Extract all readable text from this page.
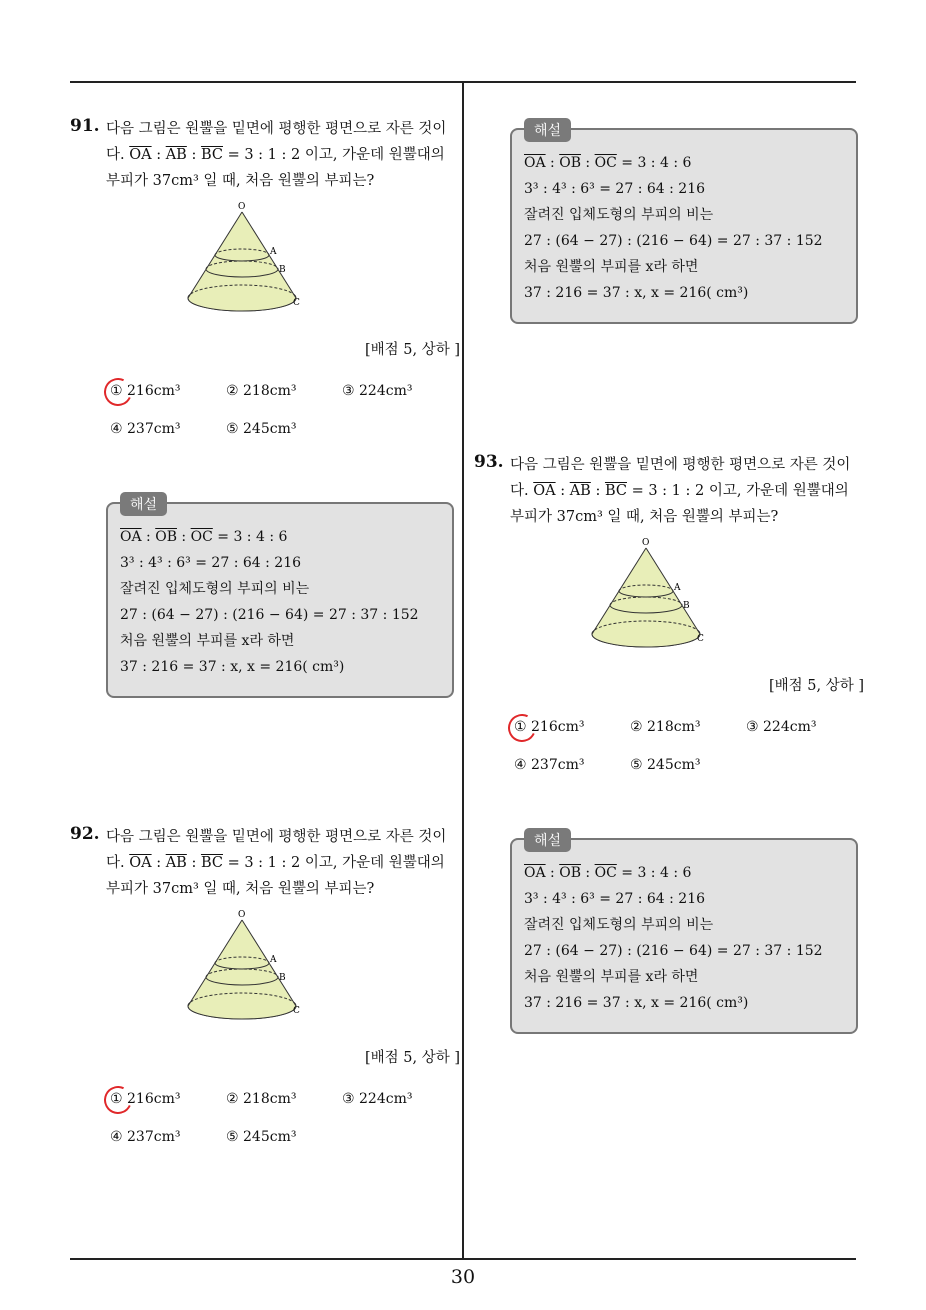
30
91. 다음 그림은 원뿔을 밑면에 평행한 평면으로 자른 것이
다. $\overline{OA}$ : $\overline{AB}$ : $\overline{BC} = 3$ : 1 : 2 이고, 가운데 원뿔대의
부피가 37cm³ 일 때, 처음 원뿔의 부피는?
O
A
B
C
[배점 5, 상하 ]
① 216cm³	② 218cm³	③ 224cm³
④ 237cm³	⑤ 245cm³
해설
$\overline{OA}$ : $\overline{OB}$ : $\overline{OC} = 3$ : 4 : 6
3³ : 4³ : 6³ = 27 : 64 : 216
잘려진 입체도형의 부피의 비는
27 : (64 − 27) : (216 − 64) = 27 : 37 : 152
처음 원뿔의 부피를 x라 하면
37 : 216 = 37 : x, x = 216( cm³)
92. 다음 그림은 원뿔을 밑면에 평행한 평면으로 자른 것이
다. $\overline{OA}$ : $\overline{AB}$ : $\overline{BC} = 3$ : 1 : 2 이고, 가운데 원뿔대의
부피가 37cm³ 일 때, 처음 원뿔의 부피는?
O
A
B
C
[배점 5, 상하 ]
① 216cm³	② 218cm³	③ 224cm³
④ 237cm³	⑤ 245cm³
해설
$\overline{OA}$ : $\overline{OB}$ : $\overline{OC} = 3$ : 4 : 6
3³ : 4³ : 6³ = 27 : 64 : 216
잘려진 입체도형의 부피의 비는
27 : (64 − 27) : (216 − 64) = 27 : 37 : 152
처음 원뿔의 부피를 x라 하면
37 : 216 = 37 : x, x = 216( cm³)
93. 다음 그림은 원뿔을 밑면에 평행한 평면으로 자른 것이
다. $\overline{OA}$ : $\overline{AB}$ : $\overline{BC} = 3$ : 1 : 2 이고, 가운데 원뿔대의
부피가 37cm³ 일 때, 처음 원뿔의 부피는?
O
A
B
C
[배점 5, 상하 ]
① 216cm³	② 218cm³	③ 224cm³
④ 237cm³	⑤ 245cm³
해설
$\overline{OA}$ : $\overline{OB}$ : $\overline{OC} = 3$ : 4 : 6
3³ : 4³ : 6³ = 27 : 64 : 216
잘려진 입체도형의 부피의 비는
27 : (64 − 27) : (216 − 64) = 27 : 37 : 152
처음 원뿔의 부피를 x라 하면
37 : 216 = 37 : x, x = 216( cm³)
